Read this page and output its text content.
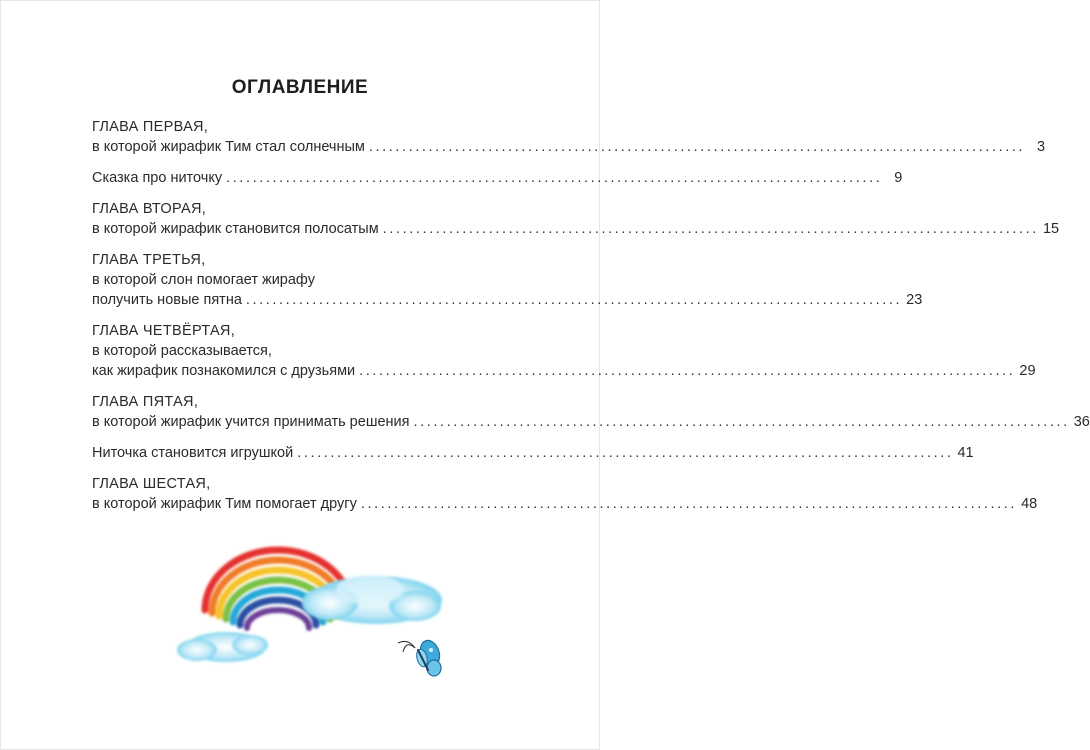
ОГЛАВЛЕНИЕ
ГЛАВА ПЕРВАЯ,
в которой жирафик Тим стал солнечным ................................................................................................... 3
Сказка про ниточку ................................................................................................... 9
ГЛАВА ВТОРАЯ,
в которой жирафик становится полосатым ................................................................................................... 15
ГЛАВА ТРЕТЬЯ,
в которой слон помогает жирафу
получить новые пятна ................................................................................................... 23
ГЛАВА ЧЕТВЁРТАЯ,
в которой рассказывается,
как жирафик познакомился с друзьями ................................................................................................... 29
ГЛАВА ПЯТАЯ,
в которой жирафик учится принимать решения ................................................................................................... 36
Ниточка становится игрушкой ................................................................................................... 41
ГЛАВА ШЕСТАЯ,
в которой жирафик Тим помогает другу ................................................................................................... 48
